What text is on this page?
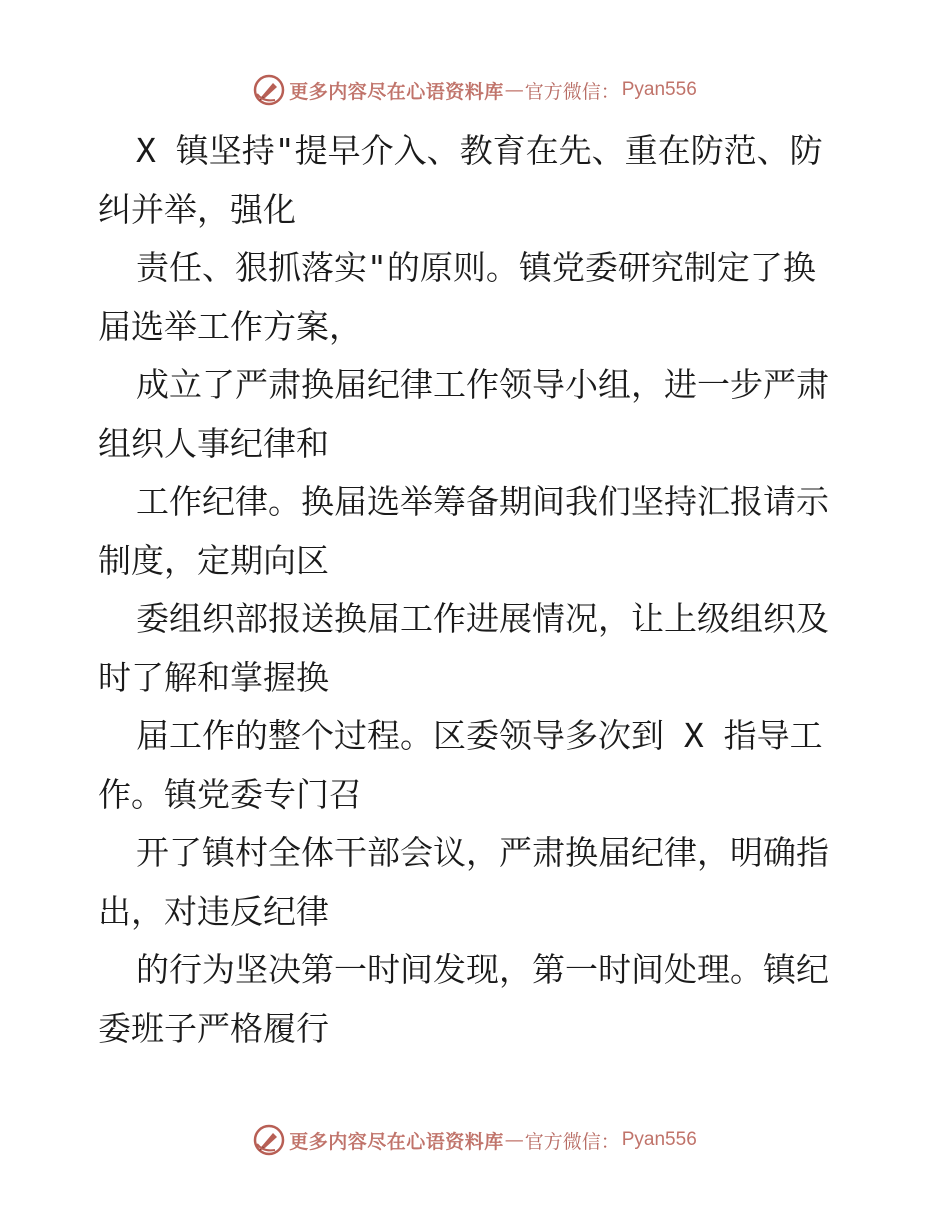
更多内容尽在心语资料库 — 官方微信： Pyan556
X 镇坚持"提早介入、教育在先、重在防范、防
纠并举，强化
责任、狠抓落实"的原则。镇党委研究制定了换
届选举工作方案，
成立了严肃换届纪律工作领导小组，进一步严肃
组织人事纪律和
工作纪律。换届选举筹备期间我们坚持汇报请示
制度，定期向区
委组织部报送换届工作进展情况，让上级组织及
时了解和掌握换
届工作的整个过程。区委领导多次到 X 指导工
作。镇党委专门召
开了镇村全体干部会议，严肃换届纪律，明确指
出，对违反纪律
的行为坚决第一时间发现，第一时间处理。镇纪
委班子严格履行
更多内容尽在心语资料库 — 官方微信： Pyan556
